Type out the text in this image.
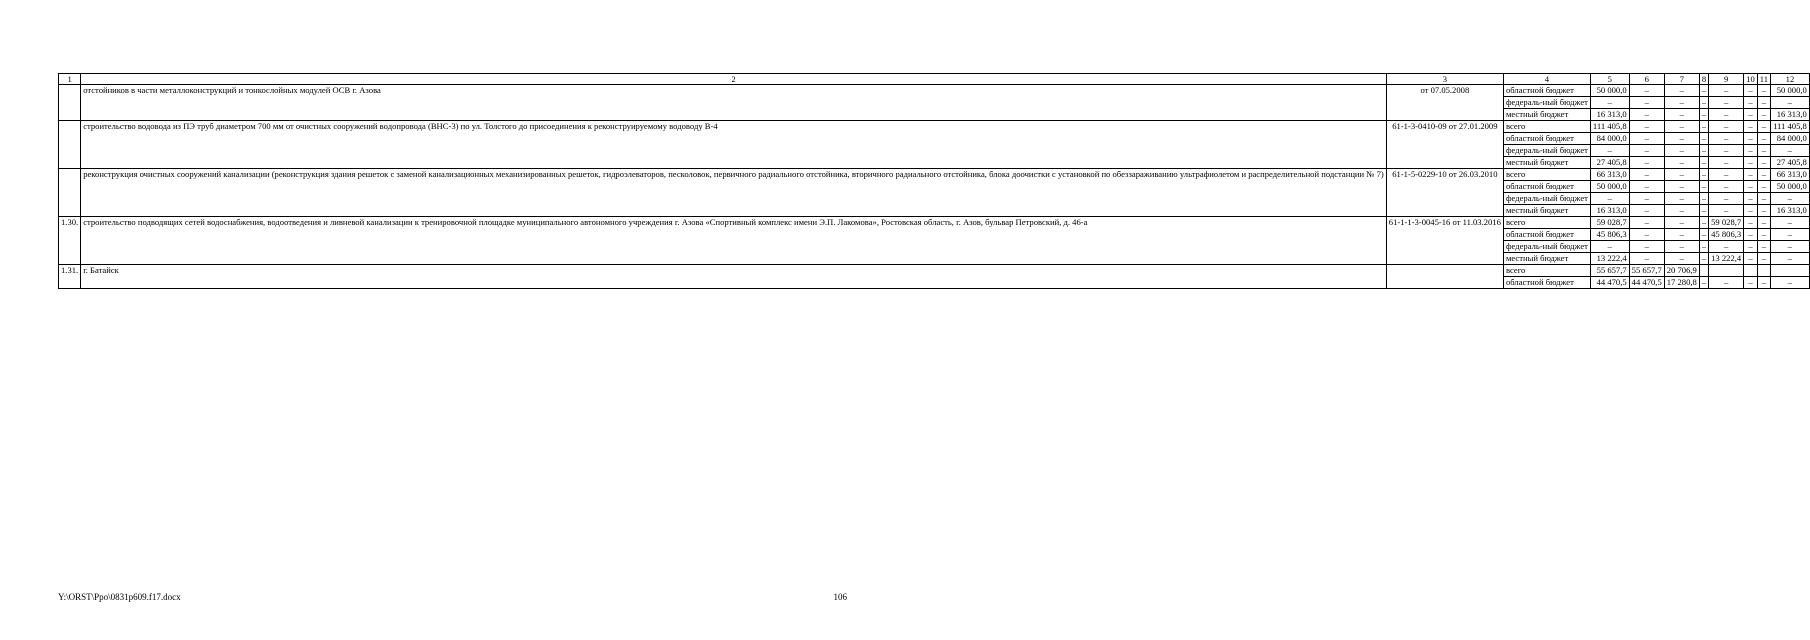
1	2	3	4	5	6	7	8	9	10	11	12
	отстойников в части металлоконструкций и тонкослойных модулей ОСВ г. Азова	от 07.05.2008	областной бюджет	50 000,0	–	–	–	–	–	–	50 000,0
			федераль-ный бюджет	–	–	–	–	–	–	–	–
			местный бюджет	16 313,0	–	–	–	–	–	–	16 313,0
	строительство водовода из ПЭ труб диаметром 700 мм от очистных сооружений водопровода (ВНС-3) по ул. Толстого до присоединения к реконструируемому водоводу В-4	61-1-3-0410-09 от 27.01.2009	всего	111 405,8	–	–	–	–	–	–	111 405,8
			областной бюджет	84 000,0	–	–	–	–	–	–	84 000,0
			федераль-ный бюджет	–	–	–	–	–	–	–	–
			местный бюджет	27 405,8	–	–	–	–	–	–	27 405,8
	реконструкция очистных сооружений канализации (реконструкция здания решеток с заменой канализационных механизированных решеток, гидроэлеваторов, песколовок, первичного радиального отстойника, вторичного радиального отстойника, блока доочистки с установкой по обеззараживанию ультрафиолетом и распределительной подстанции № 7)	61-1-5-0229-10 от 26.03.2010	всего	66 313,0	–	–	–	–	–	–	66 313,0
			областной бюджет	50 000,0	–	–	–	–	–	–	50 000,0
			федераль-ный бюджет	–	–	–	–	–	–	–	–
			местный бюджет	16 313,0	–	–	–	–	–	–	16 313,0
1.30.	строительство подводящих сетей водоснабжения, водоотведения и ливневой канализации к тренировочной площадке муниципального автономного учреждения г. Азова «Спортивный комплекс имени Э.П. Лакомова», Ростовская область, г. Азов, бульвар Петровский, д. 46-а	61-1-1-3-0045-16 от 11.03.2016	всего	59 028,7	–	–	–	59 028,7	–	–	–
			областной бюджет	45 806,3	–	–	–	45 806,3	–	–	–
			федераль-ный бюджет	–	–	–	–	–	–	–	–
			местный бюджет	13 222,4	–	–	–	13 222,4	–	–	–
1.31.	г. Батайск		всего	55 657,7	55 657,7	20 706,9					
			областной бюджет	44 470,5	44 470,5	17 280,8	–	–	–	–	–
Y:\ORST\Ppo\0831p609.f17.docx	106
